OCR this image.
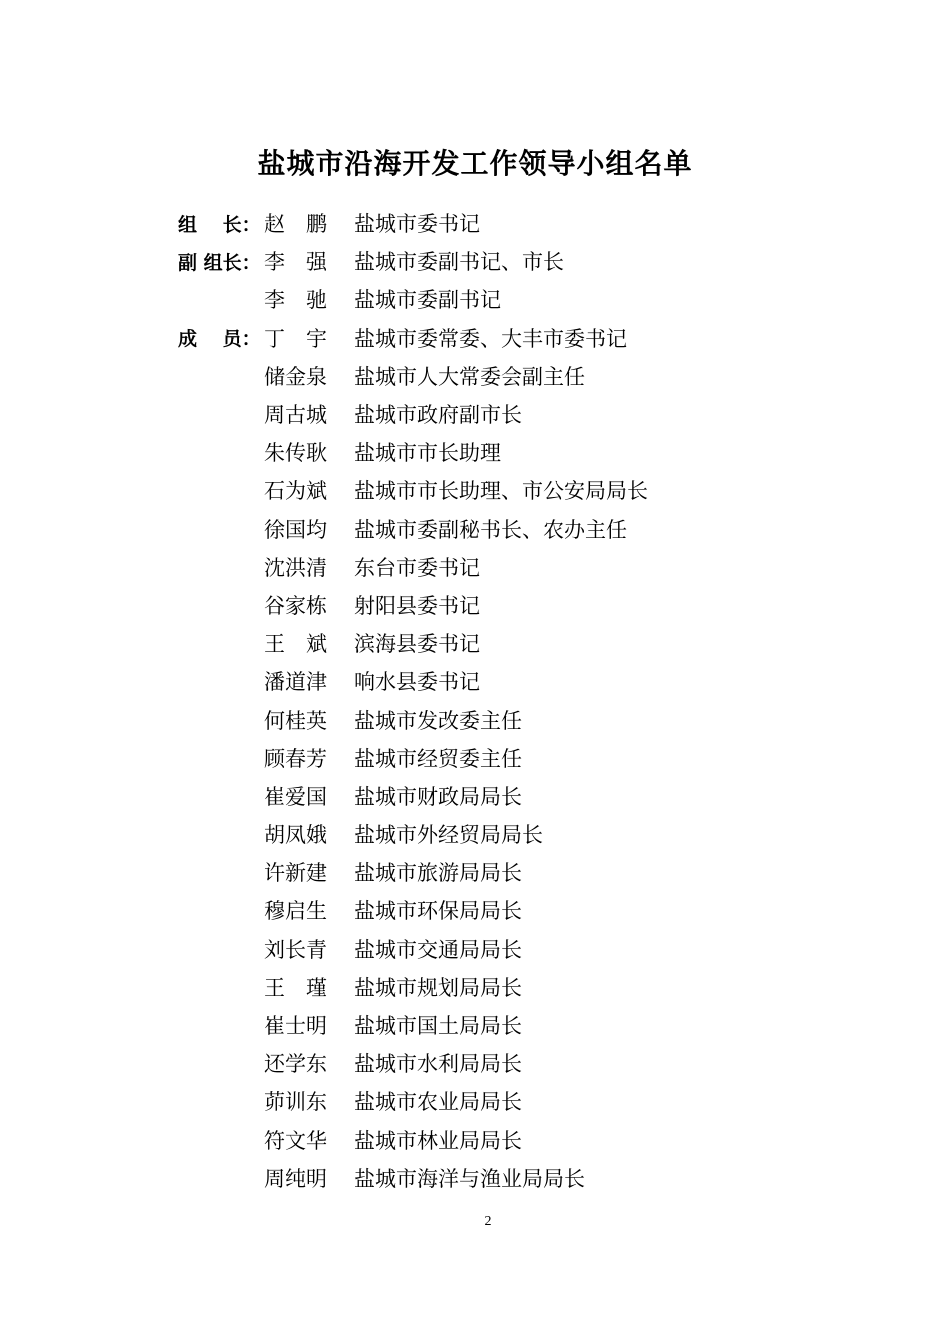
盐城市沿海开发工作领导小组名单
组　 长： 赵　鹏	盐城市委书记
副 组长： 李　强	盐城市委副书记、市长
李　驰	盐城市委副书记
成　 员： 丁　宇	盐城市委常委、大丰市委书记
储金泉	盐城市人大常委会副主任
周古城	盐城市政府副市长
朱传耿	盐城市市长助理
石为斌	盐城市市长助理、市公安局局长
徐国均	盐城市委副秘书长、农办主任
沈洪清	东台市委书记
谷家栋	射阳县委书记
王　斌	滨海县委书记
潘道津	响水县委书记
何桂英	盐城市发改委主任
顾春芳	盐城市经贸委主任
崔爱国	盐城市财政局局长
胡凤娥	盐城市外经贸局局长
许新建	盐城市旅游局局长
穆启生	盐城市环保局局长
刘长青	盐城市交通局局长
王　瑾	盐城市规划局局长
崔士明	盐城市国土局局长
还学东	盐城市水利局局长
茆训东	盐城市农业局局长
符文华	盐城市林业局局长
周纯明	盐城市海洋与渔业局局长
2
